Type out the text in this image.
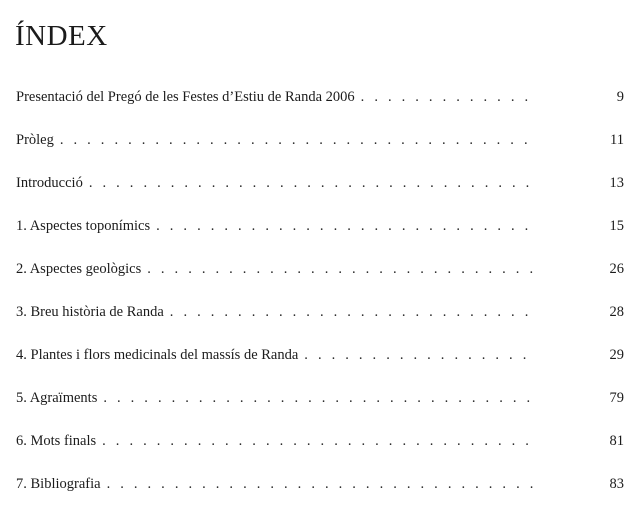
ÍNDEX
Presentació del Pregó de les Festes d’Estiu de Randa 2006 . . .	9
Pròleg . . .	11
Introducció . . .	13
1. Aspectes toponímics . . .	15
2. Aspectes geològics . . .	26
3. Breu història de Randa . . .	28
4. Plantes i flors medicinals del massís de Randa . . .	29
5. Agraïments . . .	79
6. Mots finals . . .	81
7. Bibliografia . . .	83
